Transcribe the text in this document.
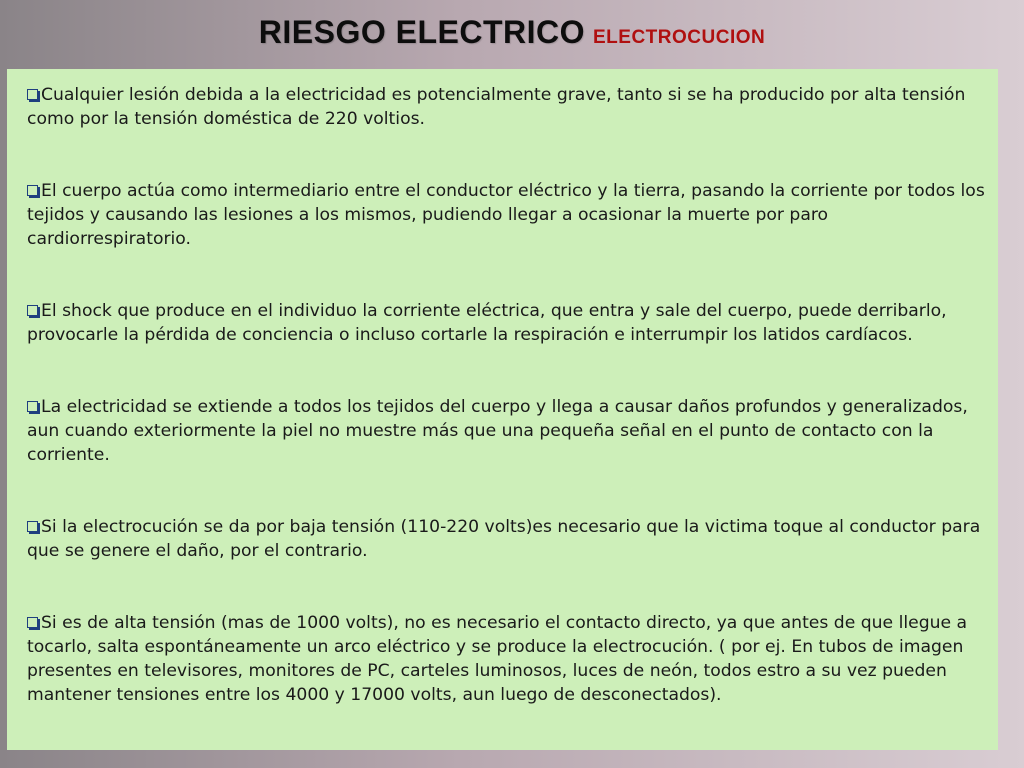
RIESGO ELECTRICO ELECTROCUCION

Cualquier lesión debida a la electricidad es potencialmente grave, tanto si se ha producido por alta tensión como por la tensión doméstica de 220 voltios.

El cuerpo actúa como intermediario entre el conductor eléctrico y la tierra, pasando la corriente por todos los tejidos y causando las lesiones a los mismos, pudiendo llegar a ocasionar la muerte por paro cardiorrespiratorio.

El shock que produce en el individuo la corriente eléctrica, que entra y sale del cuerpo, puede derribarlo, provocarle la pérdida de conciencia o incluso cortarle la respiración e interrumpir los latidos cardíacos.

La electricidad se extiende a todos los tejidos del cuerpo y llega a causar daños profundos y generalizados, aun cuando exteriormente la piel no muestre más que una pequeña señal en el punto de contacto con la corriente.

Si la electrocución se da por baja tensión (110-220 volts)es necesario que la victima toque al conductor para que se genere el daño, por el contrario.

Si es de alta tensión (mas de 1000 volts), no es necesario el contacto directo, ya que antes de que llegue a tocarlo, salta espontáneamente un arco eléctrico y se produce la electrocución. ( por ej. En tubos de imagen presentes en televisores, monitores de PC, carteles luminosos, luces de neón, todos estro a su vez pueden mantener tensiones entre los 4000 y 17000 volts, aun luego de desconectados).
